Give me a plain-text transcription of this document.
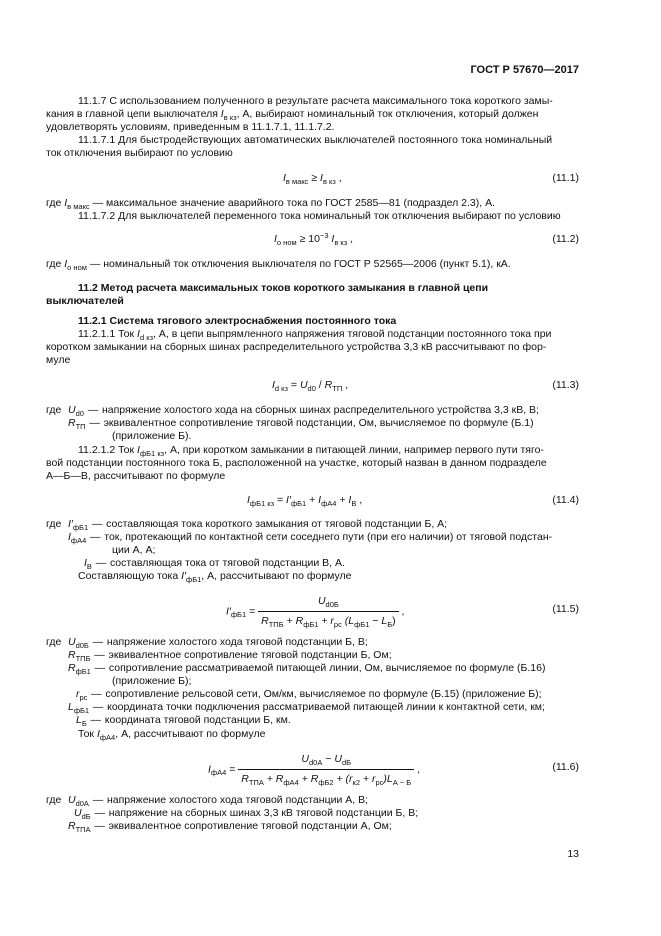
ГОСТ Р 57670—2017
11.1.7 С использованием полученного в результате расчета максимального тока короткого замы-
кания в главной цепи выключателя $I_{в кз}$, А, выбирают номинальный ток отключения, который должен
удовлетворять условиям, приведенным в 11.1.7.1, 11.1.7.2.
11.1.7.1 Для быстродействующих автоматических выключателей постоянного тока номинальный
ток отключения выбирают по условию
$I_{в макс} \ge I_{в кз}$ ,	(11.1)
где $I_{в макс}$ — максимальное значение аварийного тока по ГОСТ 2585—81 (подраздел 2.3), А.
11.1.7.2 Для выключателей переменного тока номинальный ток отключения выбирают по условию
$I_{о ном} \ge 10^{-3}$ $I_{в кз}$ ,	(11.2)
где $I_{о ном}$ — номинальный ток отключения выключателя по ГОСТ Р 52565—2006 (пункт 5.1), кА.
11.2 Метод расчета максимальных токов короткого замыкания в главной цепи
выключателей
11.2.1 Система тягового электроснабжения постоянного тока
11.2.1.1 Ток $I_{d кз}$, А, в цепи выпрямленного напряжения тяговой подстанции постоянного тока при
коротком замыкании на сборных шинах распределительного устройства 3,3 кВ рассчитывают по фор-
муле
$I_{d кз} = U_{d0} / R_{ТП}$ ,	(11.3)
где $U_{d0}$ — напряжение холостого хода на сборных шинах распределительного устройства 3,3 кВ, В;
$R_{ТП}$ — эквивалентное сопротивление тяговой подстанции, Ом, вычисляемое по формуле (Б.1)
(приложение Б).
11.2.1.2 Ток $I_{фБ1 кз}$, А, при коротком замыкании в питающей линии, например первого пути тяго-
вой подстанции постоянного тока Б, расположенной на участке, который назван в данном подразделе
А—Б—В, рассчитывают по формуле
$I_{фБ1 кз} = I'_{фБ1} + I_{фА4} + I_В$ ,	(11.4)
где $I'_{фБ1}$ — составляющая тока короткого замыкания от тяговой подстанции Б, А;
$I_{фА4}$ — ток, протекающий по контактной сети соседнего пути (при его наличии) от тяговой подстан-
ции А, А;
$I_В$ — составляющая тока от тяговой подстанции В, А.
Составляющую тока $I'_{фБ1}$, А, рассчитывают по формуле
$I'_{фБ1} = \frac{U_{d0Б}}{R_{ТПБ} + R_{фБ1} + r_{рс} (L_{фБ1} - L_Б)}$ ,	(11.5)
где $U_{d0Б}$ — напряжение холостого хода тяговой подстанции Б, В;
$R_{ТПБ}$ — эквивалентное сопротивление тяговой подстанции Б, Ом;
$R_{фБ1}$ — сопротивление рассматриваемой питающей линии, Ом, вычисляемое по формуле (Б.16)
(приложение Б);
$r_{рс}$ — сопротивление рельсовой сети, Ом/км, вычисляемое по формуле (Б.15) (приложение Б);
$L_{фБ1}$ — координата точки подключения рассматриваемой питающей линии к контактной сети, км;
$L_Б$ — координата тяговой подстанции Б, км.
Ток $I_{фА4}$, А, рассчитывают по формуле
$I_{фА4} = \frac{U_{d0А} - U_{dБ}}{R_{ТПА} + R_{фА4} + R_{фБ2} + (r_{к2} + r_{рс})L_{А - Б}}$ ,	(11.6)
где $U_{d0А}$ — напряжение холостого хода тяговой подстанции А, В;
$U_{dБ}$ — напряжение на сборных шинах 3,3 кВ тяговой подстанции Б, В;
$R_{ТПА}$ — эквивалентное сопротивление тяговой подстанции А, Ом;
13
